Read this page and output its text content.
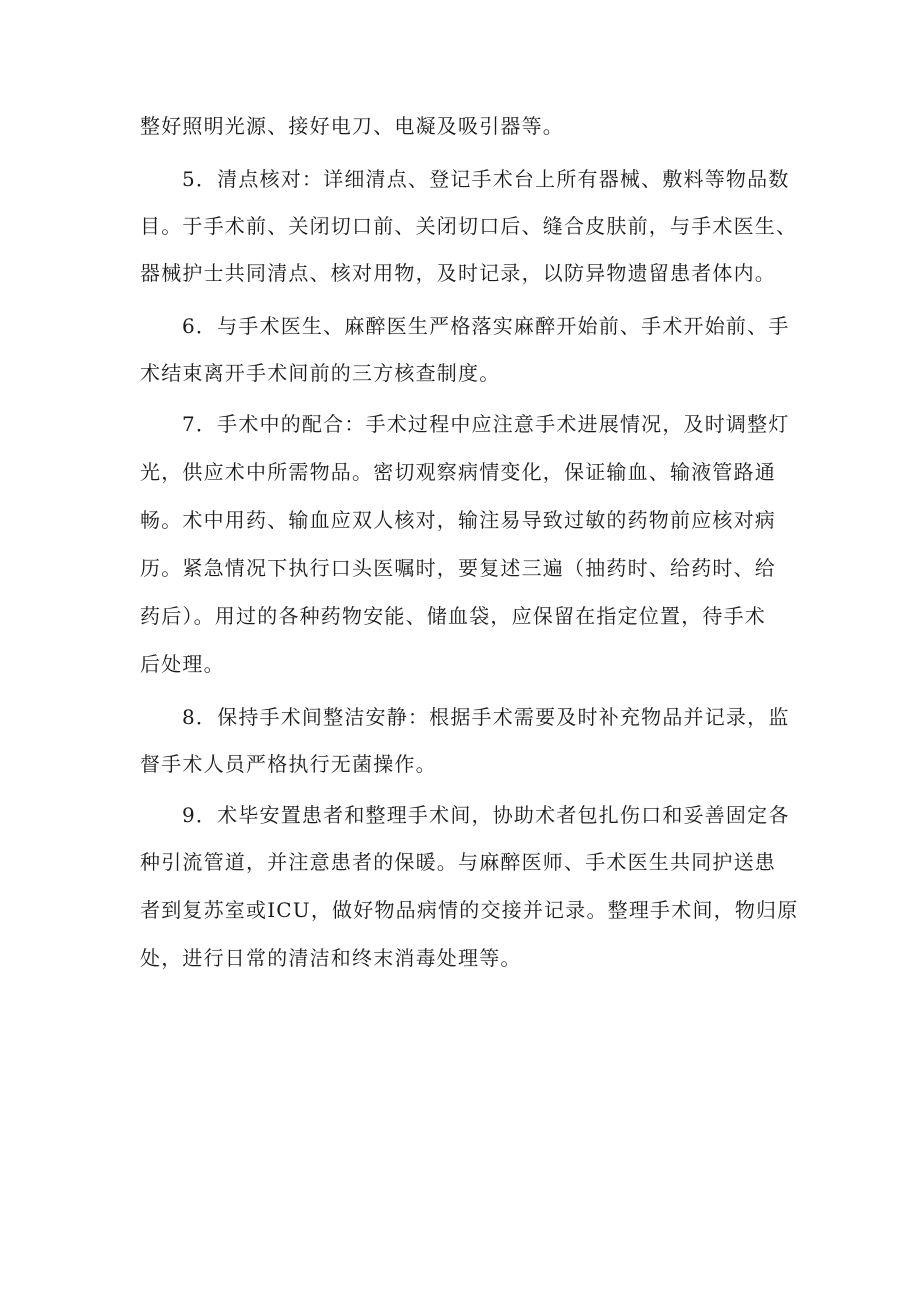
整好照明光源、接好电刀、电凝及吸引器等。
5．清点核对：详细清点、登记手术台上所有器械、敷料等物品数
目。于手术前、关闭切口前、关闭切口后、缝合皮肤前，与手术医生、
器械护士共同清点、核对用物，及时记录，以防异物遗留患者体内。
6．与手术医生、麻醉医生严格落实麻醉开始前、手术开始前、手
术结束离开手术间前的三方核查制度。
7．手术中的配合：手术过程中应注意手术进展情况，及时调整灯
光，供应术中所需物品。密切观察病情变化，保证输血、输液管路通
畅。术中用药、输血应双人核对，输注易导致过敏的药物前应核对病
历。紧急情况下执行口头医嘱时，要复述三遍（抽药时、给药时、给
药后）。用过的各种药物安能、储血袋，应保留在指定位置，待手术
后处理。
8．保持手术间整洁安静：根据手术需要及时补充物品并记录，监
督手术人员严格执行无菌操作。
9．术毕安置患者和整理手术间，协助术者包扎伤口和妥善固定各
种引流管道，并注意患者的保暖。与麻醉医师、手术医生共同护送患
者到复苏室或ICU，做好物品病情的交接并记录。整理手术间，物归原
处，进行日常的清洁和终末消毒处理等。
